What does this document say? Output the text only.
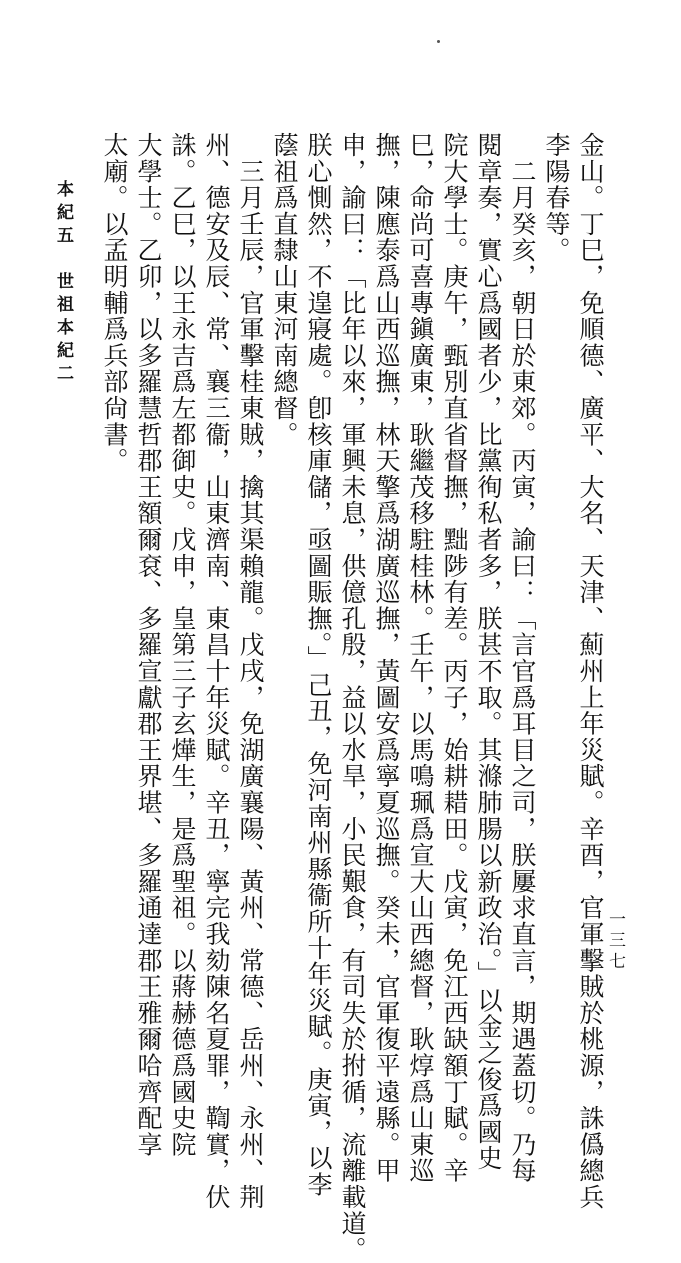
金山。丁巳，免順德、廣平、大名、天津、薊州上年災賦。辛酉，官軍擊賊於桃源，誅僞總兵
李陽春等。
　二月癸亥，朝日於東郊。丙寅，諭曰：「言官爲耳目之司，朕屢求直言，期遇蓋切。乃每
閱章奏，實心爲國者少，比黨徇私者多，朕甚不取。其滌肺腸以新政治。」以金之俊爲國史
院大學士。庚午，甄別直省督撫，黜陟有差。丙子，始耕耤田。戊寅，免江西缺額丁賦。辛
巳，命尚可喜專鎭廣東，耿繼茂移駐桂林。壬午，以馬鳴珮爲宣大山西總督，耿焞爲山東巡
撫，陳應泰爲山西巡撫，林天擎爲湖廣巡撫，黃圖安爲寧夏巡撫。癸未，官軍復平遠縣。甲
申，諭曰：「比年以來，軍興未息，供億孔殷，益以水旱，小民艱食，有司失於拊循，流離載道。
朕心惻然，不遑寢處。卽核庫儲，亟圖賑撫。」己丑，免河南州縣衞所十年災賦。庚寅，以李
蔭祖爲直隸山東河南總督。
　三月壬辰，官軍擊桂東賊，擒其渠賴龍。戊戌，免湖廣襄陽、黃州、常德、岳州、永州、荆
州、德安及辰、常、襄三衞，山東濟南、東昌十年災賦。辛丑，寧完我劾陳名夏罪，鞫實，伏
誅。乙巳，以王永吉爲左都御史。戊申，皇第三子玄燁生，是爲聖祖。以蔣赫德爲國史院
大學士。乙卯，以多羅慧哲郡王額爾袞、多羅宣獻郡王界堪、多羅通達郡王雅爾哈齊配享
太廟。以孟明輔爲兵部尙書。
本紀五　世祖本紀二
一三七
